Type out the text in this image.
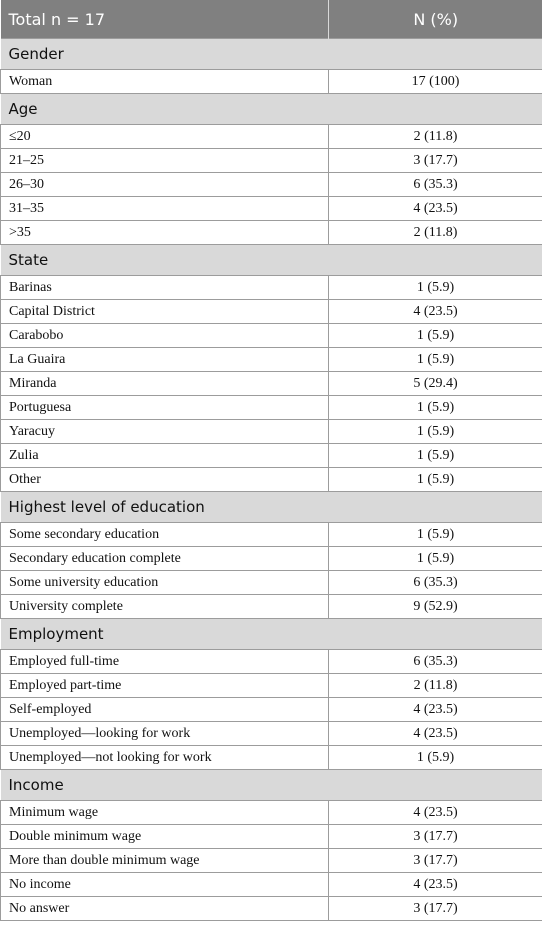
Total n = 17	N (%)
Gender	
Woman	17 (100)
Age	
≤20	2 (11.8)
21–25	3 (17.7)
26–30	6 (35.3)
31–35	4 (23.5)
>35	2 (11.8)
State	
Barinas	1 (5.9)
Capital District	4 (23.5)
Carabobo	1 (5.9)
La Guaira	1 (5.9)
Miranda	5 (29.4)
Portuguesa	1 (5.9)
Yaracuy	1 (5.9)
Zulia	1 (5.9)
Other	1 (5.9)
Highest level of education	
Some secondary education	1 (5.9)
Secondary education complete	1 (5.9)
Some university education	6 (35.3)
University complete	9 (52.9)
Employment	
Employed full-time	6 (35.3)
Employed part-time	2 (11.8)
Self-employed	4 (23.5)
Unemployed—looking for work	4 (23.5)
Unemployed—not looking for work	1 (5.9)
Income	
Minimum wage	4 (23.5)
Double minimum wage	3 (17.7)
More than double minimum wage	3 (17.7)
No income	4 (23.5)
No answer	3 (17.7)
